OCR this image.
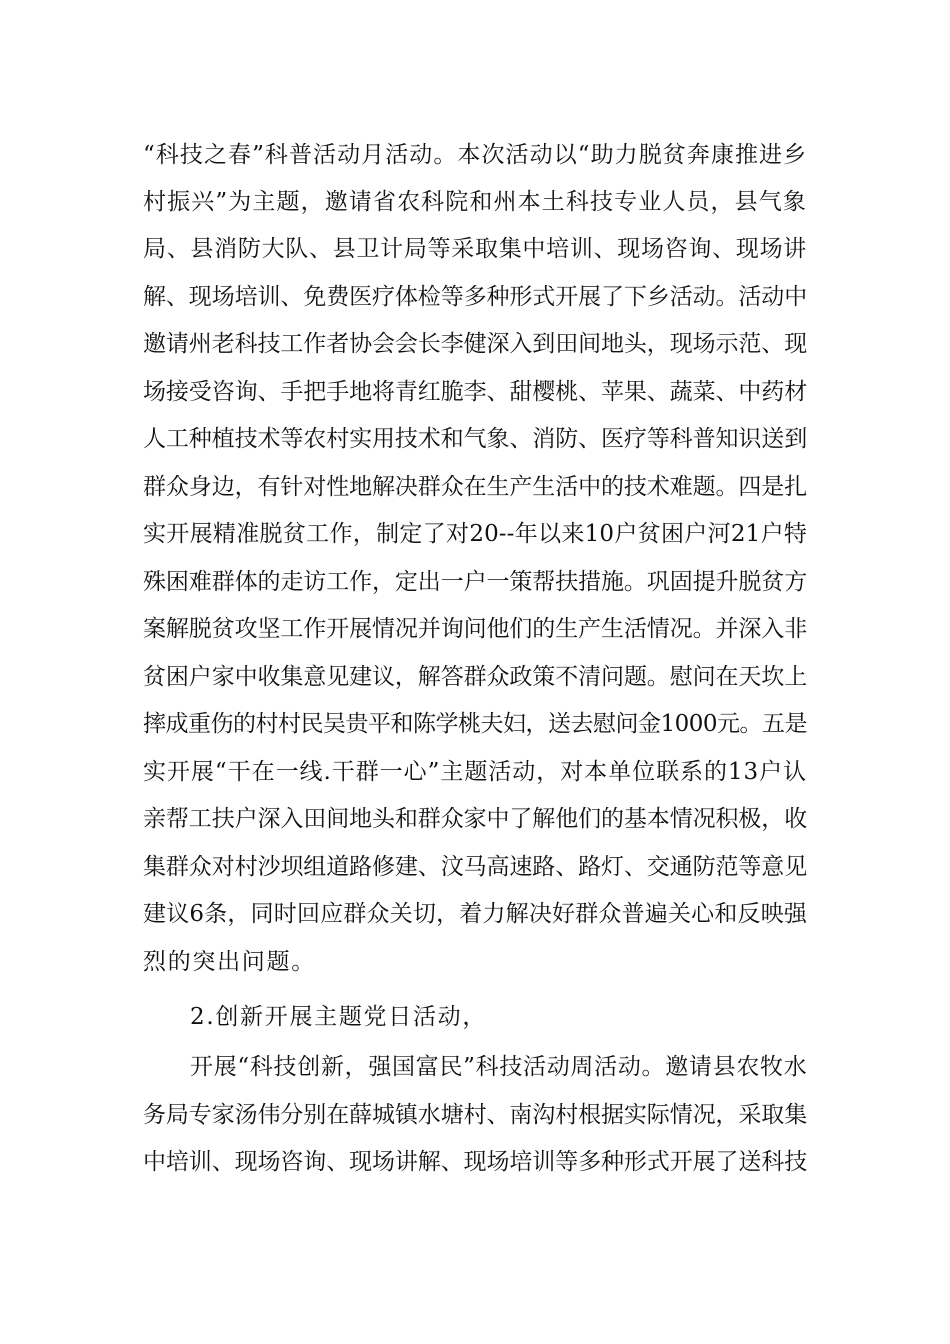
“科技之春”科普活动月活动。本次活动以“助力脱贫奔康推进乡
村振兴”为主题，邀请省农科院和州本土科技专业人员，县气象
局、县消防大队、县卫计局等采取集中培训、现场咨询、现场讲
解、现场培训、免费医疗体检等多种形式开展了下乡活动。活动中
邀请州老科技工作者协会会长李健深入到田间地头，现场示范、现
场接受咨询、手把手地将青红脆李、甜樱桃、苹果、蔬菜、中药材
人工种植技术等农村实用技术和气象、消防、医疗等科普知识送到
群众身边，有针对性地解决群众在生产生活中的技术难题。四是扎
实开展精准脱贫工作，制定了对20--年以来10户贫困户河21户特
殊困难群体的走访工作，定出一户一策帮扶措施。巩固提升脱贫方
案解脱贫攻坚工作开展情况并询问他们的生产生活情况。并深入非
贫困户家中收集意见建议，解答群众政策不清问题。慰问在天坎上
摔成重伤的村村民吴贵平和陈学桃夫妇，送去慰问金1000元。五是
实开展“干在一线.干群一心”主题活动，对本单位联系的13户认
亲帮工扶户深入田间地头和群众家中了解他们的基本情况积极，收
集群众对村沙坝组道路修建、汶马高速路、路灯、交通防范等意见
建议6条，同时回应群众关切，着力解决好群众普遍关心和反映强
烈的突出问题。
2.创新开展主题党日活动，
开展“科技创新，强国富民”科技活动周活动。邀请县农牧水
务局专家汤伟分别在薛城镇水塘村、南沟村根据实际情况，采取集
中培训、现场咨询、现场讲解、现场培训等多种形式开展了送科技
